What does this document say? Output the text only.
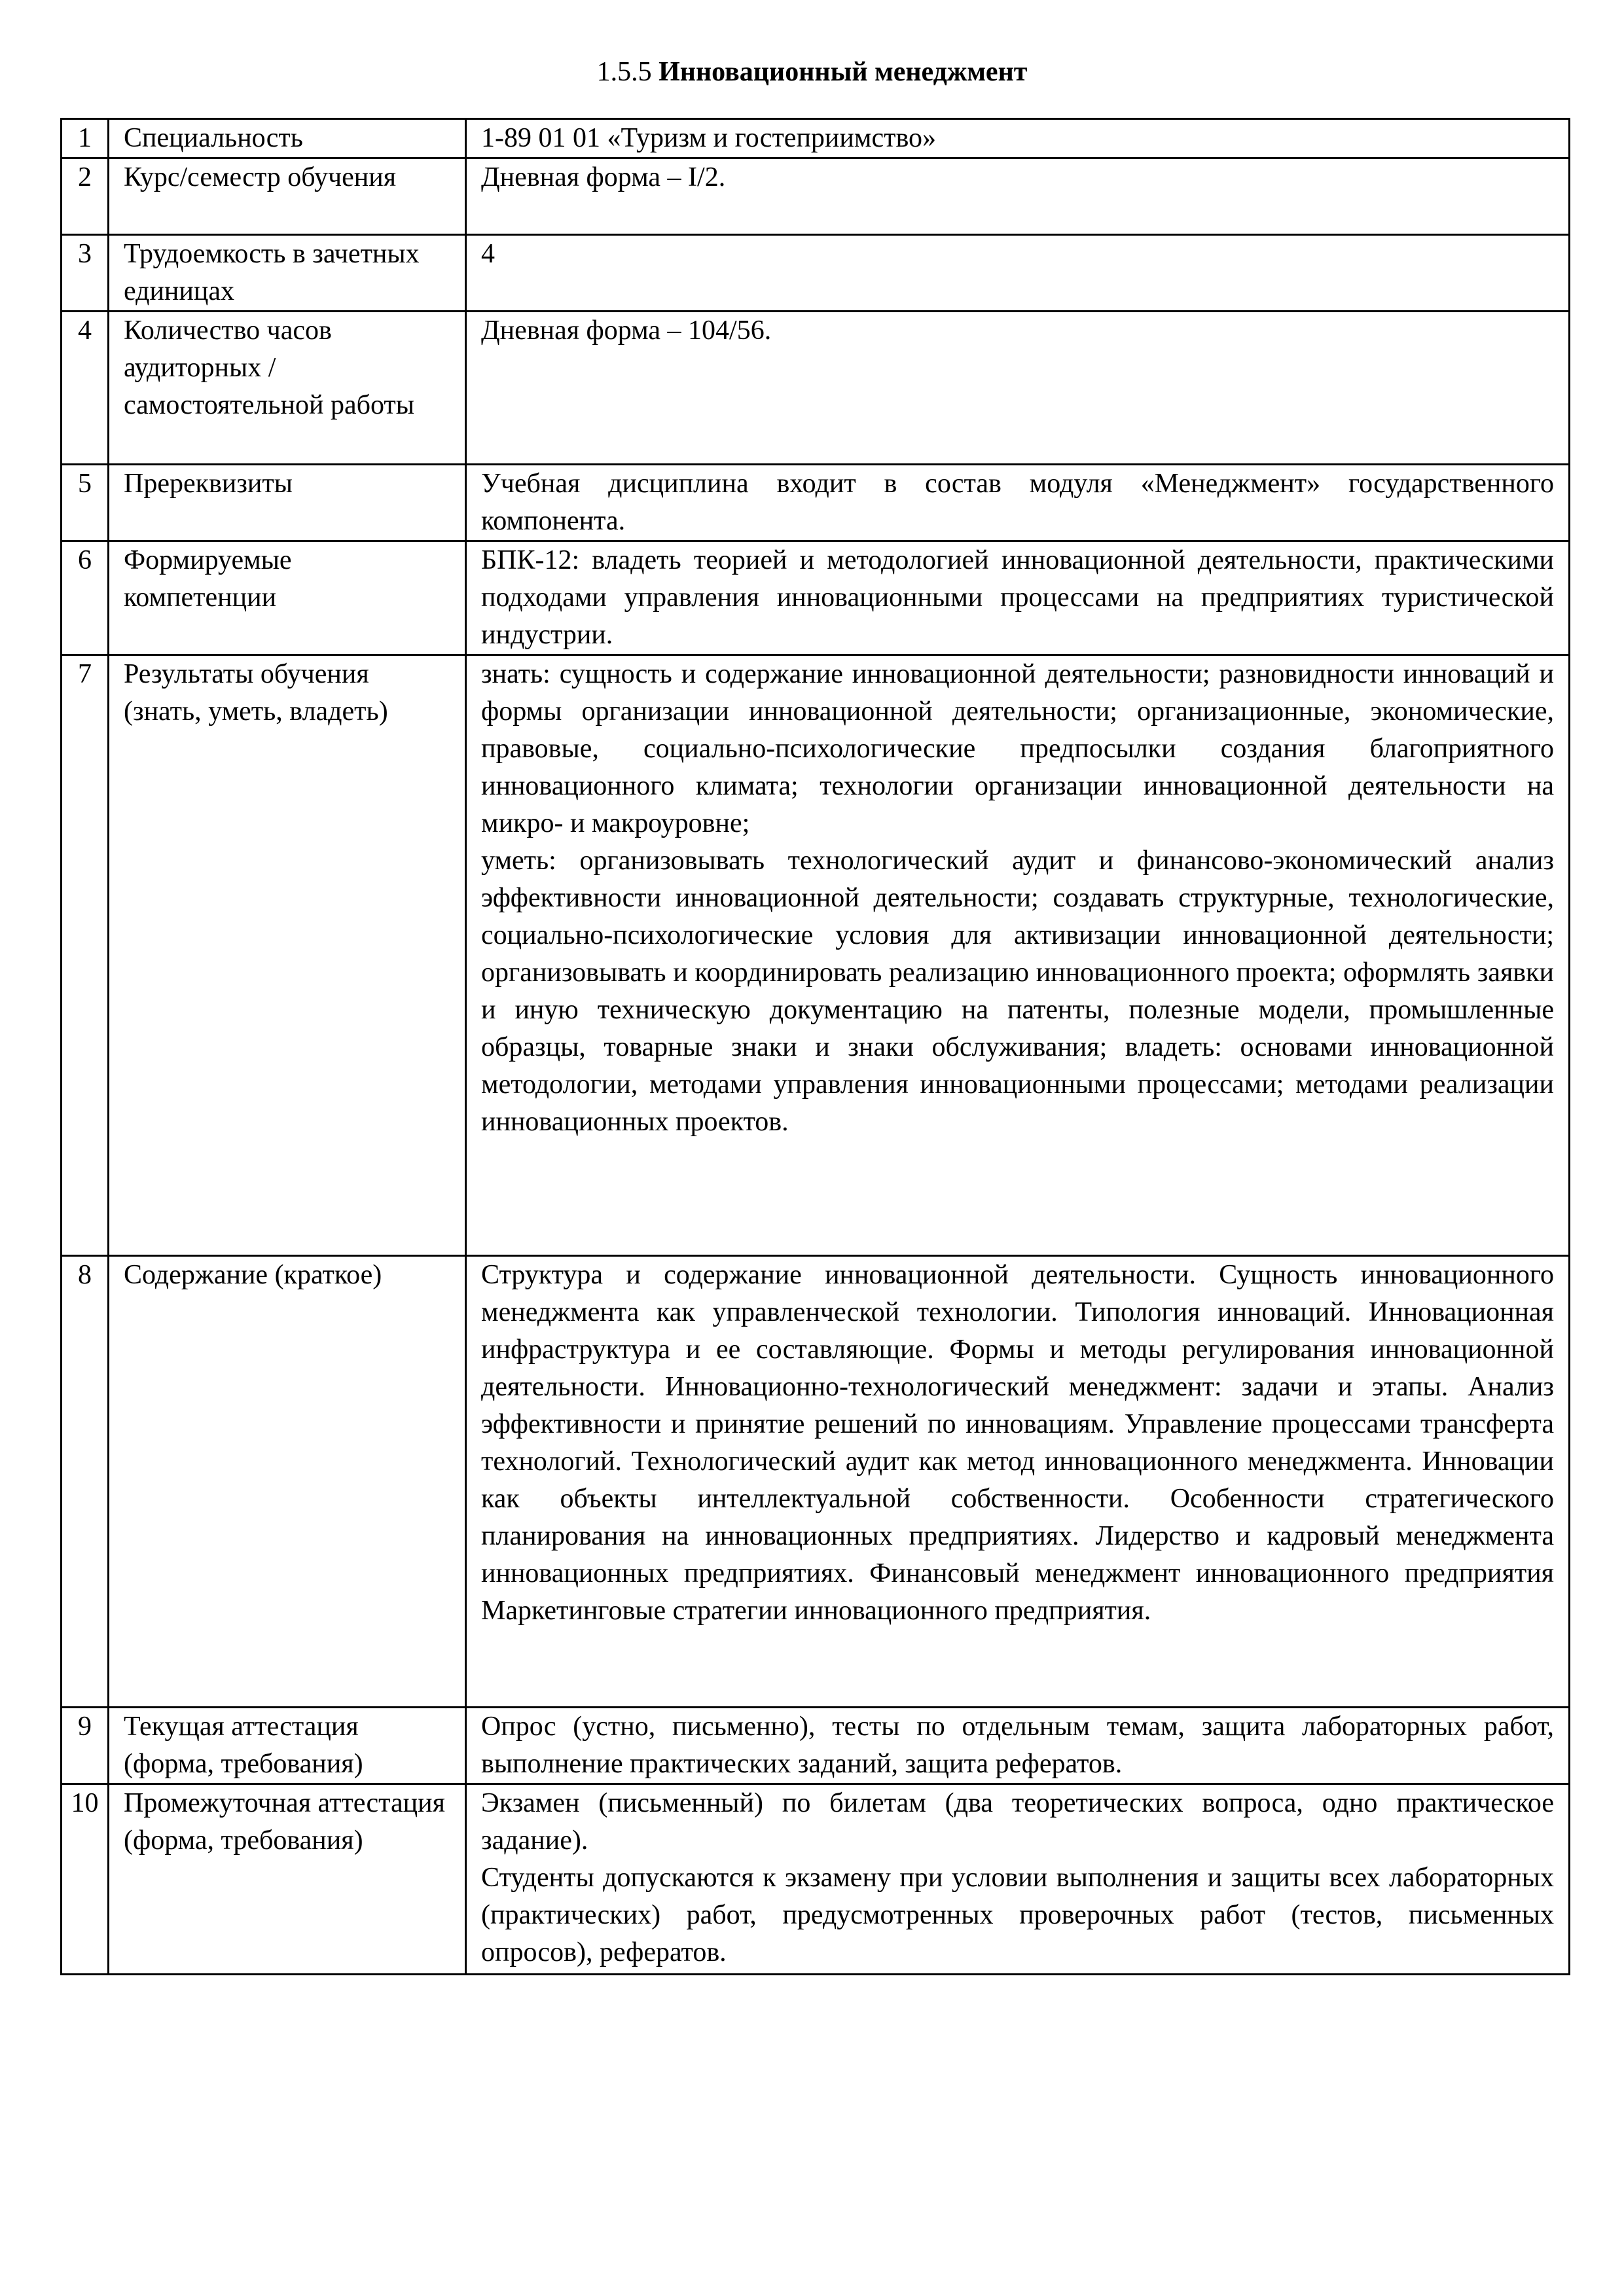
1.5.5 Инновационный менеджмент
1	Специальность	1-89 01 01 «Туризм и гостеприимство»

2	Курс/семестр обучения	Дневная форма – I/2.

3	Трудоемкость в зачетных единицах	4

4	Количество часов аудиторных / самостоятельной работы	Дневная форма – 104/56.

5	Пререквизиты	Учебная дисциплина входит в состав модуля «Менеджмент» государственного компонента.

6	Формируемые компетенции	БПК-12: владеть теорией и методологией инновационной деятельности, практическими подходами управления инновационными процессами на предприятиях туристической индустрии.

7	Результаты обучения (знать, уметь, владеть)	знать: сущность и содержание инновационной деятельности; разновидности инноваций и формы организации инновационной деятельности; организационные, экономические, правовые, социально-психологические предпосылки создания благоприятного инновационного климата; технологии организации инновационной деятельности на микро- и макроуровне;
уметь: организовывать технологический аудит и финансово-экономический анализ эффективности инновационной деятельности; создавать структурные, технологические, социально-психологические условия для активизации инновационной деятельности; организовывать и координировать реализацию инновационного проекта; оформлять заявки и иную техническую документацию на патенты, полезные модели, промышленные образцы, товарные знаки и знаки обслуживания; владеть: основами инновационной методологии, методами управления инновационными процессами; методами реализации инновационных проектов.

8	Содержание (краткое)	Структура и содержание инновационной деятельности. Сущность инновационного менеджмента как управленческой технологии. Типология инноваций. Инновационная инфраструктура и ее составляющие. Формы и методы регулирования инновационной деятельности. Инновационно-технологический менеджмент: задачи и этапы. Анализ эффективности и принятие решений по инновациям. Управление процессами трансферта технологий. Технологический аудит как метод инновационного менеджмента. Инновации как объекты интеллектуальной собственности. Особенности стратегического планирования на инновационных предприятиях. Лидерство и кадровый менеджмента инновационных предприятиях. Финансовый менеджмент инновационного предприятия Маркетинговые стратегии инновационного предприятия.

9	Текущая аттестация (форма, требования)	Опрос (устно, письменно), тесты по отдельным темам, защита лабораторных работ, выполнение практических заданий, защита рефератов.

10	Промежуточная аттестация (форма, требования)	Экзамен (письменный) по билетам (два теоретических вопроса, одно практическое задание).
Студенты допускаются к экзамену при условии выполнения и защиты всех лабораторных (практических) работ, предусмотренных проверочных работ (тестов, письменных опросов), рефератов.
